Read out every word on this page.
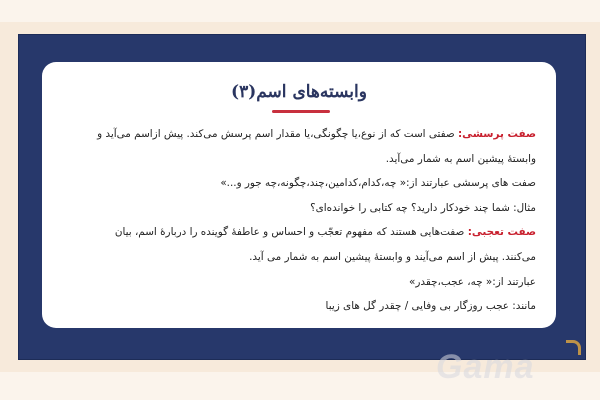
وابسته‌های اسم(۳)
صفت پرسشی: صفتی است که از نوع،یا چگونگی،یا مقدار اسم پرسش می‌کند. پیش ازاسم می‌آید و
وابستهٔ پیشین اسم به شمار می‌آید.
صفت های پرسشی عبارتند از:« چه،کدام،کدامین،چند،چگونه،چه جور و...»
مثال: شما چند خودکار دارید؟ چه کتابی را خوانده‌ای؟
صفت تعجبی: صفت‌هایی هستند که مفهوم تعجّب و احساس و عاطفهٔ گوینده را دربارهٔ اسم، بیان
می‌کنند. پیش از اسم می‌آیند و وابستهٔ پیشین اسم به شمار می آید.
عبارتند از:« چه، عجب،چقدر»
مانند: عجب روزگار بی وفایی / چقدر گل های زیبا
Gama
